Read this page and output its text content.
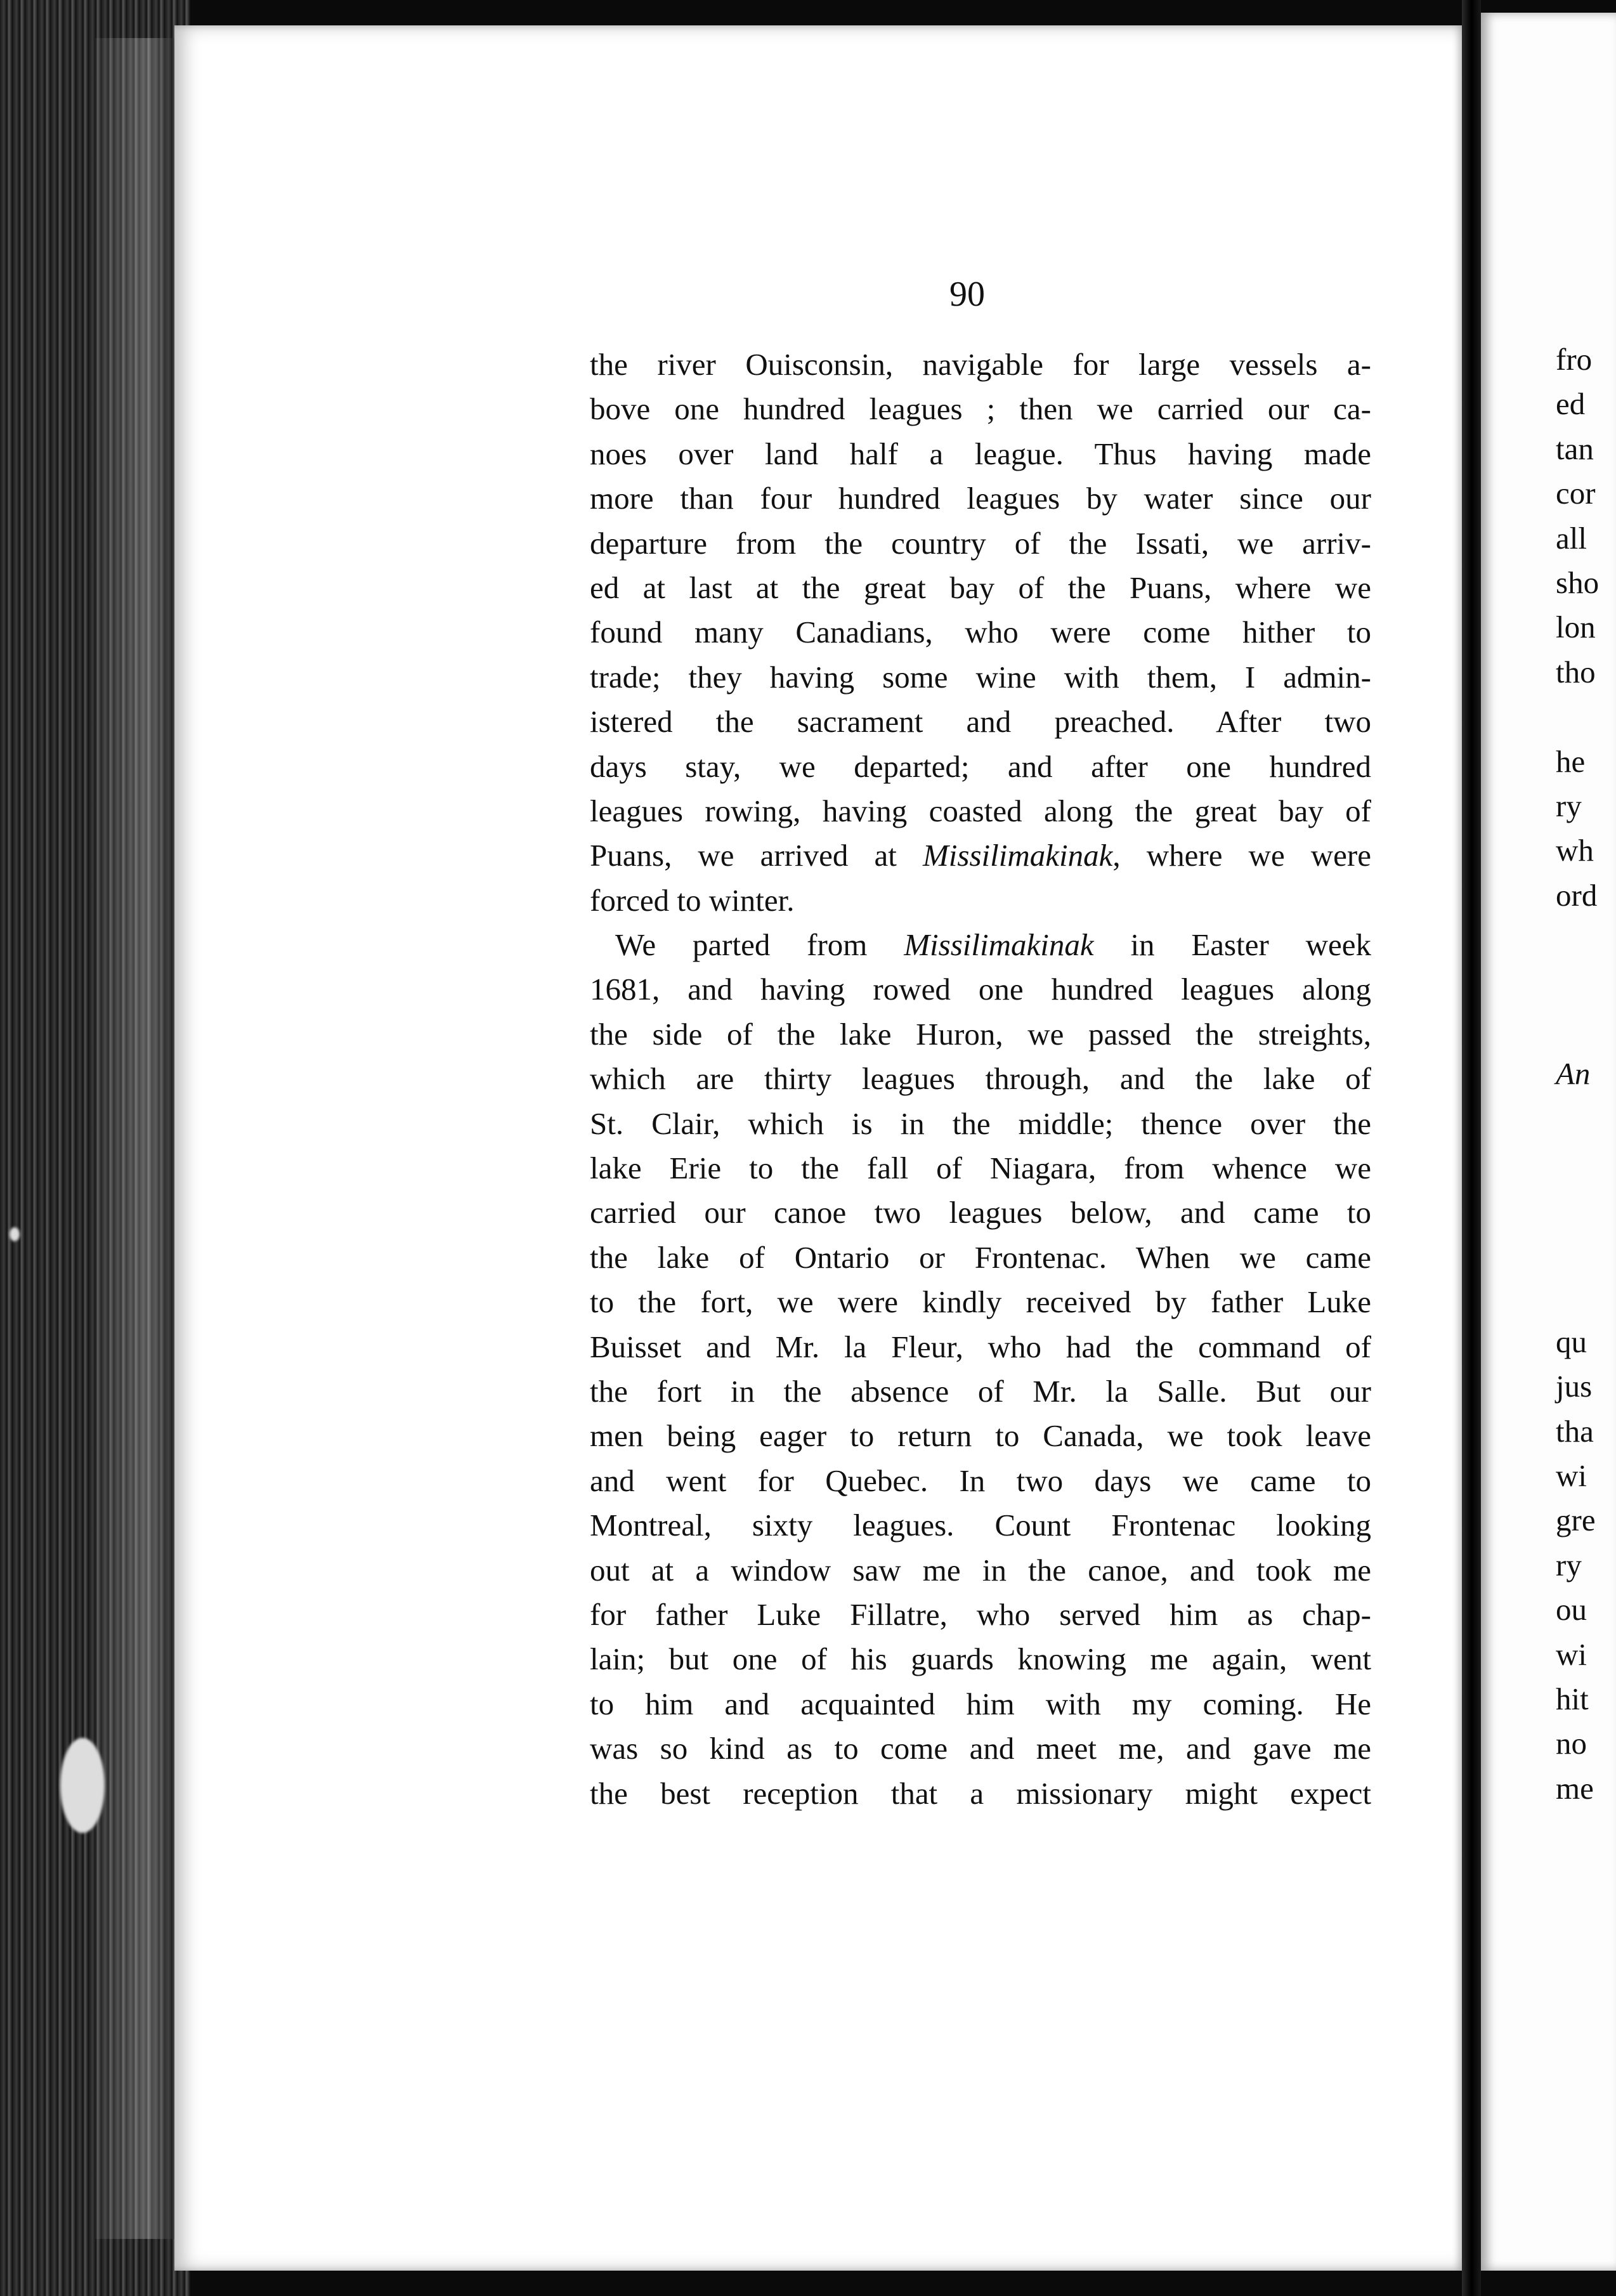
fro
ed
tan
cor
all
sho
lon
tho
he
ry
wh
ord
An
qu
jus
tha
wi
gre
ry
ou
wi
hit
no
me
90
the river Ouisconsin, navigable for large vessels a-
bove one hundred leagues ; then we carried our ca-
noes over land half a league. Thus having made
more than four hundred leagues by water since our
departure from the country of the Issati, we arriv-
ed at last at the great bay of the Puans, where we
found many Canadians, who were come hither to
trade; they having some wine with them, I admin-
istered the sacrament and preached. After two
days stay, we departed; and after one hundred
leagues rowing, having coasted along the great bay of
Puans, we arrived at Missilimakinak, where we were
forced to winter.
We parted from Missilimakinak in Easter week
1681, and having rowed one hundred leagues along
the side of the lake Huron, we passed the streights,
which are thirty leagues through, and the lake of
St. Clair, which is in the middle; thence over the
lake Erie to the fall of Niagara, from whence we
carried our canoe two leagues below, and came to
the lake of Ontario or Frontenac. When we came
to the fort, we were kindly received by father Luke
Buisset and Mr. la Fleur, who had the command of
the fort in the absence of Mr. la Salle. But our
men being eager to return to Canada, we took leave
and went for Quebec. In two days we came to
Montreal, sixty leagues. Count Frontenac looking
out at a window saw me in the canoe, and took me
for father Luke Fillatre, who served him as chap-
lain; but one of his guards knowing me again, went
to him and acquainted him with my coming. He
was so kind as to come and meet me, and gave me
the best reception that a missionary might expect
